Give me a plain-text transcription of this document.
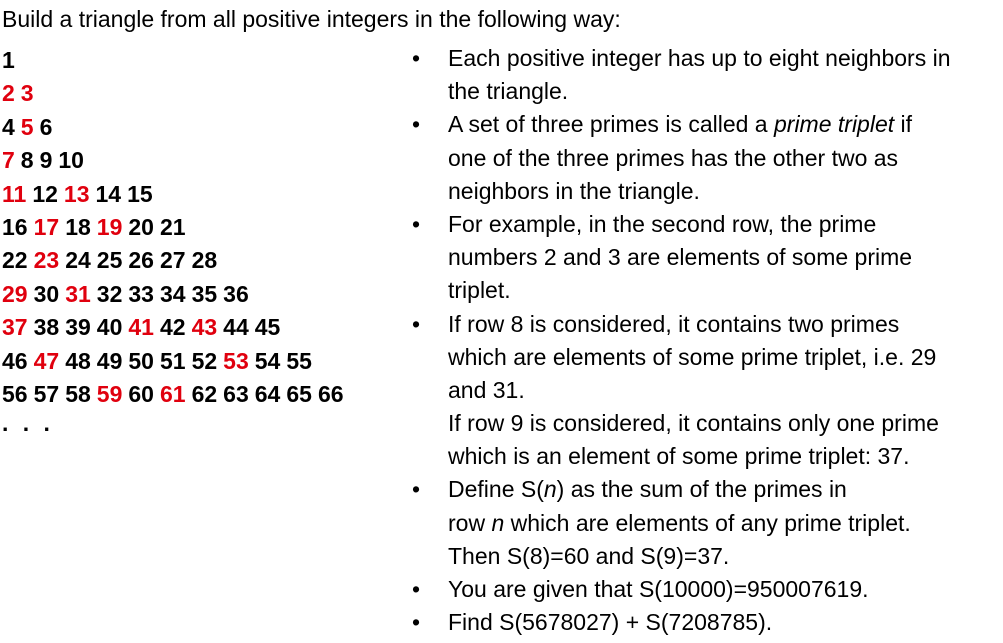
Build a triangle from all positive integers in the following way:
1
2 3
4 5 6
7 8 9 10
11 12 13 14 15
16 17 18 19 20 21
22 23 24 25 26 27 28
29 30 31 32 33 34 35 36
37 38 39 40 41 42 43 44 45
46 47 48 49 50 51 52 53 54 55
56 57 58 59 60 61 62 63 64 65 66
. . .
• Each positive integer has up to eight neighbors in
the triangle.
• A set of three primes is called a prime triplet if
one of the three primes has the other two as
neighbors in the triangle.
• For example, in the second row, the prime
numbers 2 and 3 are elements of some prime
triplet.
• If row 8 is considered, it contains two primes
which are elements of some prime triplet, i.e. 29
and 31.
If row 9 is considered, it contains only one prime
which is an element of some prime triplet: 37.
• Define S(n) as the sum of the primes in
row n which are elements of any prime triplet.
Then S(8)=60 and S(9)=37.
• You are given that S(10000)=950007619.
• Find S(5678027) + S(7208785).
